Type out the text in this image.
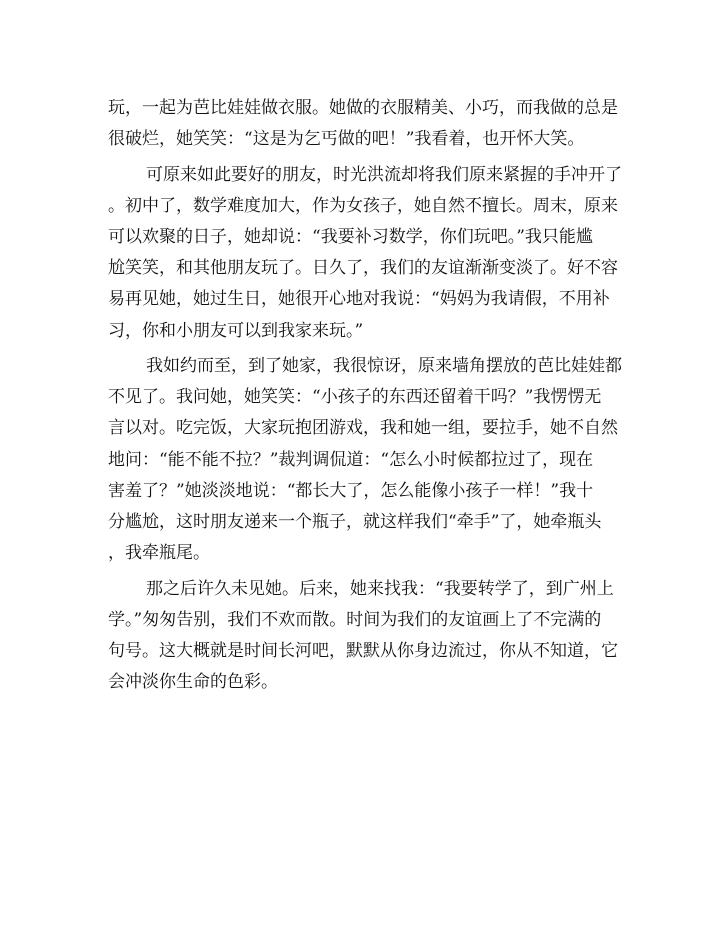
玩，一起为芭比娃娃做衣服。她做的衣服精美、小巧，而我做的总是
很破烂，她笑笑：“这是为乞丐做的吧！”我看着，也开怀大笑。
可原来如此要好的朋友，时光洪流却将我们原来紧握的手冲开了
。初中了，数学难度加大，作为女孩子，她自然不擅长。周末，原来
可以欢聚的日子，她却说：“我要补习数学，你们玩吧。”我只能尴
尬笑笑，和其他朋友玩了。日久了，我们的友谊渐渐变淡了。好不容
易再见她，她过生日，她很开心地对我说：“妈妈为我请假，不用补
习，你和小朋友可以到我家来玩。”
我如约而至，到了她家，我很惊讶，原来墙角摆放的芭比娃娃都
不见了。我问她，她笑笑：“小孩子的东西还留着干吗？”我愣愣无
言以对。吃完饭，大家玩抱团游戏，我和她一组，要拉手，她不自然
地问：“能不能不拉？”裁判调侃道：“怎么小时候都拉过了，现在
害羞了？”她淡淡地说：“都长大了，怎么能像小孩子一样！”我十
分尴尬，这时朋友递来一个瓶子，就这样我们“牵手”了，她牵瓶头
，我牵瓶尾。
那之后许久未见她。后来，她来找我：“我要转学了，到广州上
学。”匆匆告别，我们不欢而散。时间为我们的友谊画上了不完满的
句号。这大概就是时间长河吧，默默从你身边流过，你从不知道，它
会冲淡你生命的色彩。
